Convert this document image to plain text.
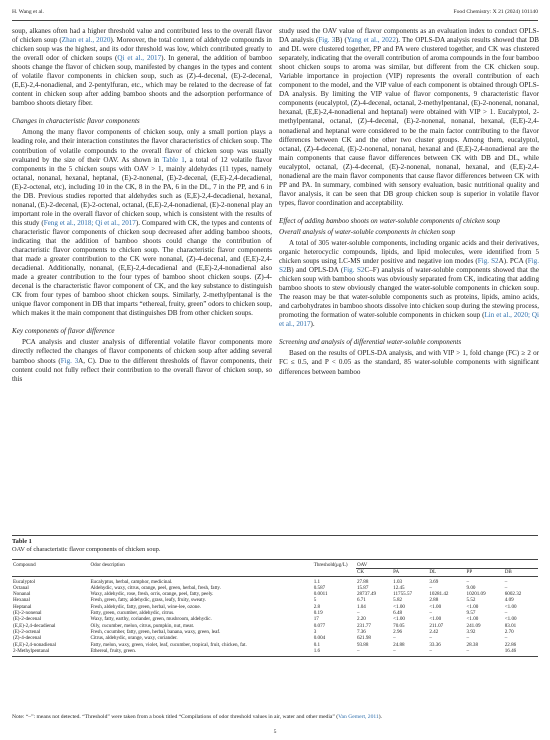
H. Wang et al.	Food Chemistry: X 21 (2024) 101140

soup, alkanes often had a higher threshold value and contributed less to the overall flavor of chicken soup (Zhan et al., 2020). Moreover, the total content of aldehyde compounds in chicken soup was the highest, and its odor threshold was low, which contributed greatly to the overall odor of chicken soups (Qi et al., 2017). In general, the addition of bamboo shoots change the flavor of chicken soup, manifested by changes in the types and content of volatile flavor components in chicken soup, such as (Z)-4-decenal, (E)-2-decenal, (E,E)-2,4-nonadienal, and 2-pentylfuran, etc., which may be related to the decrease of fat content in chicken soup after adding bamboo shoots and the adsorption performance of bamboo shoots dietary fiber.

Changes in characteristic flavor components

Among the many flavor components of chicken soup, only a small portion plays a leading role, and their interaction constitutes the flavor characteristics of chicken soup. The contribution of volatile compounds to the overall flavor of chicken soup was usually evaluated by the size of their OAV. As shown in Table 1, a total of 12 volatile flavor components in the 5 chicken soups with OAV > 1, mainly aldehydes (11 types, namely octanal, nonanal, hexanal, heptanal, (E)-2-nonenal, (E)-2-decenal, (E,E)-2,4-decadienal, (E)-2-octenal, etc), including 10 in the CK, 8 in the PA, 6 in the DL, 7 in the PP, and 6 in the DB. Previous studies reported that aldehydes such as (E,E)-2,4-decadienal, hexanal, nonanal, (E)-2-decenal, (E)-2-octenal, octanal, (E,E)-2,4-nonadienal, (E)-2-nonenal play an important role in the overall flavor of chicken soup, which is consistent with the results of this study (Feng et al., 2018; Qi et al., 2017). Compared with CK, the types and contents of characteristic flavor components of chicken soup decreased after adding bamboo shoots, indicating that the addition of bamboo shoots could change the contribution of characteristic flavor components to chicken soup. The characteristic flavor components that made a greater contribution to the CK were nonanal, (Z)-4-decenal, and (E,E)-2,4-decadienal. Additionally, nonanal, (E,E)-2,4-decadienal and (E,E)-2,4-nonadienal also made a greater contribution to the four types of bamboo shoot chicken soups. (Z)-4-decenal is the characteristic flavor component of CK, and the key substance to distinguish CK from four types of bamboo shoot chicken soups. Similarly, 2-methylpentanal is the unique flavor component in DB that imparts “ethereal, fruity, green” odors to chicken soup, which makes it the main component that distinguishes DB from other chicken soups.

Key components of flavor difference

PCA analysis and cluster analysis of differential volatile flavor components more directly reflected the changes of flavor components of chicken soup after adding several bamboo shoots (Fig. 3A, C). Due to the different thresholds of flavor components, their content could not fully reflect their contribution to the overall flavor of chicken soup, so this

study used the OAV value of flavor components as an evaluation index to conduct OPLS-DA analysis (Fig. 3B) (Yang et al., 2022). The OPLS-DA analysis results showed that DB and DL were clustered together, PP and PA were clustered together, and CK was clustered separately, indicating that the overall contribution of aroma compounds in the four bamboo shoot chicken soups to aroma was similar, but different from the CK chicken soup. Variable importance in projection (VIP) represents the overall contribution of each component to the model, and the VIP value of each component is obtained through OPLS-DA analysis. By limiting the VIP value of flavor components, 9 characteristic flavor components (eucalyptol, (Z)-4-decenal, octanal, 2-methylpentanal, (E)-2-nonenal, nonanal, hexanal, (E,E)-2,4-nonadienal and heptanal) were obtained with VIP > 1. Eucalyptol, 2-methylpentanal, octanal, (Z)-4-decenal, (E)-2-nonenal, nonanal, hexanal, (E,E)-2,4-nonadienal and heptanal were considered to be the main factor contributing to the flavor differences between CK and the other two cluster groups. Among them, eucalyptol, octanal, (Z)-4-decenal, (E)-2-nonenal, nonanal, hexanal and (E,E)-2,4-nonadienal are the main components that cause flavor differences between CK with DB and DL, while eucalyptol, octanal, (Z)-4-decenal, (E)-2-nonenal, nonanal, hexanal, and (E,E)-2,4-nonadienal are the main flavor components that cause flavor differences between CK with PP and PA. In summary, combined with sensory evaluation, basic nutritional quality and flavor analysis, it can be seen that DB group chicken soup is superior in volatile flavor types, flavor coordination and acceptability.

Effect of adding bamboo shoots on water-soluble components of chicken soup
Overall analysis of water-soluble components in chicken soup

A total of 305 water-soluble components, including organic acids and their derivatives, organic heterocyclic compounds, lipids, and lipid molecules, were identified from 5 chicken soups using LC-MS under positive and negative ion modes (Fig. S2A). PCA (Fig. S2B) and OPLS-DA (Fig. S2C–F) analysis of water-soluble components showed that the chicken soup with bamboo shoots was obviously separated from CK, indicating that adding bamboo shoots to stew obviously changed the water-soluble components in chicken soup. The reason may be that water-soluble components such as proteins, lipids, amino acids, and carbohydrates in bamboo shoots dissolve into chicken soup during the stewing process, promoting the formation of water-soluble components in chicken soup (Lin et al., 2020; Qi et al., 2017).

Screening and analysis of differential water-soluble components

Based on the results of OPLS-DA analysis, and with VIP > 1, fold change (FC) ≥ 2 or FC ≤ 0.5, and P < 0.05 as the standard, 85 water-soluble components with significant differences between bamboo

Table 1
OAV of characteristic flavor components of chicken soup.
Compound	Odor description	Threshold(μg/L)	OAV				
			CK	PA	DL	PP	DB
Eucalyptol	Eucalyptus, herbal, camphor, medicinal.	1.1	27.88	1.03	3.69	–	–
Octanal	Aldehydic, waxy, citrus, orange, peel, green, herbal, fresh, fatty.	0.587	15.87	12.45	–	9.00	–
Nonanal	Waxy, aldehydic, rose, fresh, orris, orange, peel, fatty, peely.	0.0011	28737.49	11755.57	10281.42	10201.09	6002.32
Hexanal	Fresh, green, fatty, aldehydic, grass, leafy, fruity, sweaty.	5	6.71	5.82	2.88	5.52	4.09
Heptanal	Fresh, aldehydic, fatty, green, herbal, wine-lee, ozone.	2.8	1.04	<1.00	<1.00	<1.00	<1.00
(E)-2-nonenal	Fatty, green, cucumber, aldehydic, citrus.	0.19	–	6.48	–	9.57	–
(E)-2-decenal	Waxy, fatty, earthy, coriander, green, mushroom, aldehydic.	17	2.20	<1.00	<1.00	<1.00	<1.00
(E,E)-2,4-decadienal	Oily, cucumber, melon, citrus, pumpkin, nut, meat.	0.077	231.77	70.05	211.07	241.09	83.01
(E)-2-octenal	Fresh, cucumber, fatty, green, herbal, banana, waxy, green, leaf.	3	7.36	2.96	2.42	3.92	2.70
(Z)-4-decenal	Citrus, aldehydic, orange, waxy, coriander.	0.004	621.98	–	–	–	–
(E,E)-2,4-nonadienal	Fatty, melon, waxy, green, violet, leaf, cucumber, tropical, fruit, chicken, fat.	0.1	93.88	24.88	33.36	28.38	22.86
2-Methylpentanal	Ethereal, fruity, green.	1.6	–	–	–	–	16.46
Note: “–”: means not detected. “Threshold” were taken from a book titled “Compilations of odor threshold values in air, water and other media” (Van Gemert, 2011).
5
